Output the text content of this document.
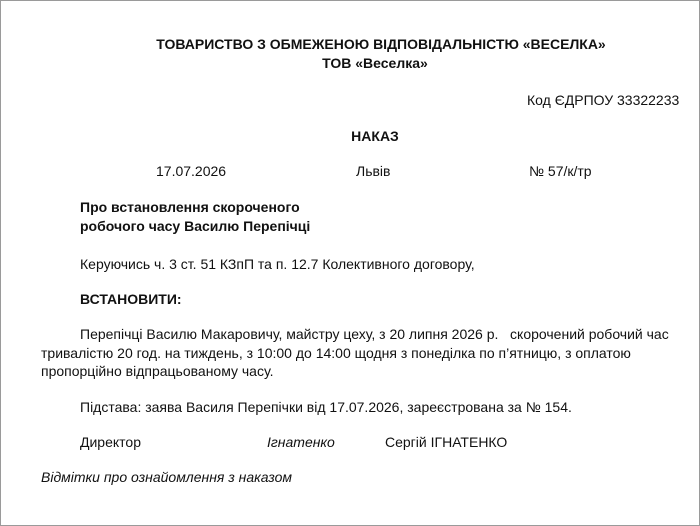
ТОВАРИСТВО З ОБМЕЖЕНОЮ ВІДПОВІДАЛЬНІСТЮ «ВЕСЕЛКА»
ТОВ «Веселка»
Код ЄДРПОУ 33322233
НАКАЗ
17.07.2026	Львів	№ 57/к/тр
Про встановлення скороченого
робочого часу Василю Перепічці
Керуючись ч. 3 ст. 51 КЗпП та п. 12.7 Колективного договору,
ВСТАНОВИТИ:
Перепічці Василю Макаровичу, майстру цеху, з 20 липня 2026 р.   скорочений робочий час
тривалістю 20 год. на тиждень, з 10:00 до 14:00 щодня з понеділка по п’ятницю, з оплатою
пропорційно відпрацьованому часу.
Підстава: заява Василя Перепічки від 17.07.2026, зареєстрована за № 154.
Директор	Ігнатенко	Сергій ІГНАТЕНКО
Відмітки про ознайомлення з наказом
